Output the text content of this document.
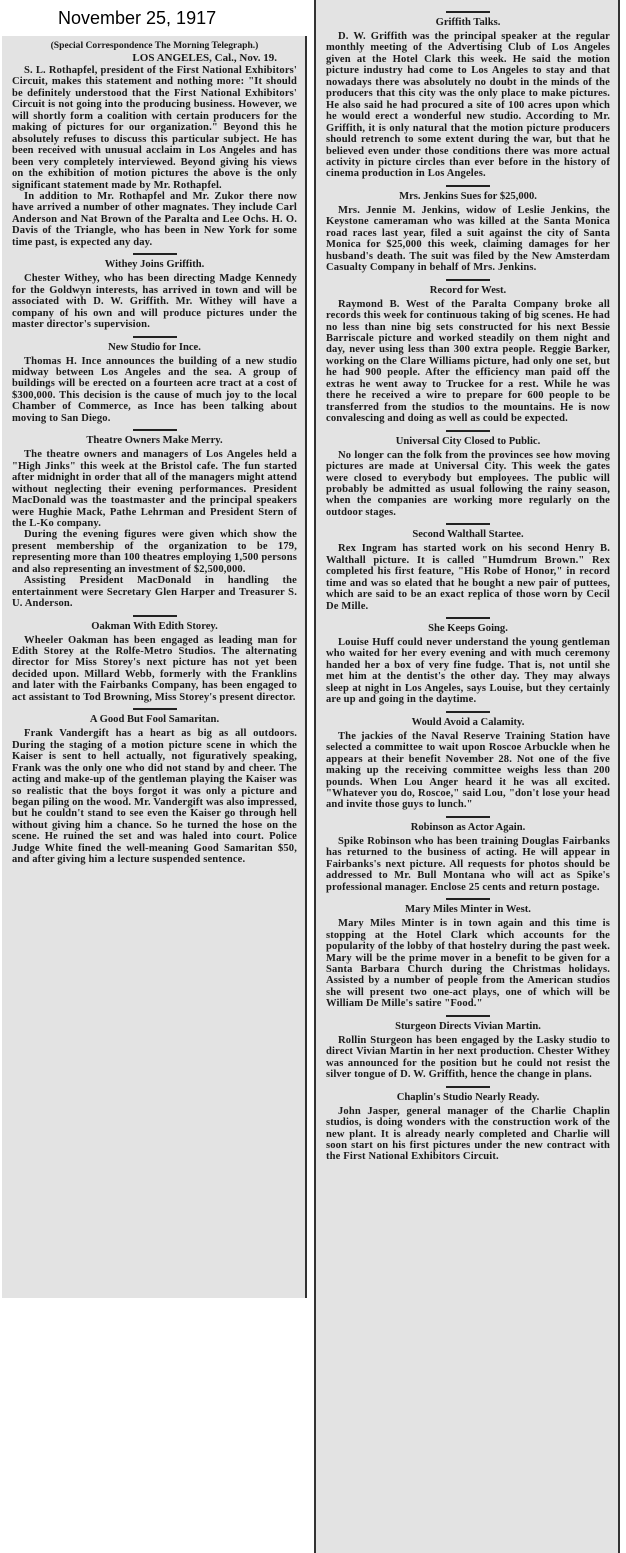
November 25, 1917
(Special Correspondence The Morning Telegraph.)
LOS ANGELES, Cal., Nov. 19.

S. L. Rothapfel, president of the First National Exhibitors' Circuit, makes this statement and nothing more: "It should be definitely understood that the First National Exhibitors' Circuit is not going into the producing business. However, we will shortly form a coalition with certain producers for the making of pictures for our organization." Beyond this he absolutely refuses to discuss this particular subject. He has been received with unusual acclaim in Los Angeles and has been very completely interviewed. Beyond giving his views on the exhibition of motion pictures the above is the only significant statement made by Mr. Rothapfel.

In addition to Mr. Rothapfel and Mr. Zukor there now have arrived a number of other magnates. They include Carl Anderson and Nat Brown of the Paralta and Lee Ochs. H. O. Davis of the Triangle, who has been in New York for some time past, is expected any day.

Withey Joins Griffith.

Chester Withey, who has been directing Madge Kennedy for the Goldwyn interests, has arrived in town and will be associated with D. W. Griffith. Mr. Withey will have a company of his own and will produce pictures under the master director's supervision.

New Studio for Ince.

Thomas H. Ince announces the building of a new studio midway between Los Angeles and the sea. A group of buildings will be erected on a fourteen acre tract at a cost of $300,000. This decision is the cause of much joy to the local Chamber of Commerce, as Ince has been talking about moving to San Diego.

Theatre Owners Make Merry.

The theatre owners and managers of Los Angeles held a "High Jinks" this week at the Bristol cafe. The fun started after midnight in order that all of the managers might attend without neglecting their evening performances. President MacDonald was the toastmaster and the principal speakers were Hughie Mack, Pathe Lehrman and President Stern of the L-Ko company.

During the evening figures were given which show the present membership of the organization to be 179, representing more than 100 theatres employing 1,500 persons and also representing an investment of $2,500,000.

Assisting President MacDonald in handling the entertainment were Secretary Glen Harper and Treasurer S. U. Anderson.

Oakman With Edith Storey.

Wheeler Oakman has been engaged as leading man for Edith Storey at the Rolfe-Metro Studios. The alternating director for Miss Storey's next picture has not yet been decided upon. Millard Webb, formerly with the Franklins and later with the Fairbanks Company, has been engaged to act assistant to Tod Browning, Miss Storey's present director.

A Good But Fool Samaritan.

Frank Vandergift has a heart as big as all outdoors. During the staging of a motion picture scene in which the Kaiser is sent to hell actually, not figuratively speaking, Frank was the only one who did not stand by and cheer. The acting and make-up of the gentleman playing the Kaiser was so realistic that the boys forgot it was only a picture and began piling on the wood. Mr. Vandergift was also impressed, but he couldn't stand to see even the Kaiser go through hell without giving him a chance. So he turned the hose on the scene. He ruined the set and was haled into court. Police Judge White fined the well-meaning Good Samaritan $50, and after giving him a lecture suspended sentence.

Griffith Talks.

D. W. Griffith was the principal speaker at the regular monthly meeting of the Advertising Club of Los Angeles given at the Hotel Clark this week. He said the motion picture industry had come to Los Angeles to stay and that nowadays there was absolutely no doubt in the minds of the producers that this city was the only place to make pictures. He also said he had procured a site of 100 acres upon which he would erect a wonderful new studio. According to Mr. Griffith, it is only natural that the motion picture producers should retrench to some extent during the war, but that he believed even under those conditions there was more actual activity in picture circles than ever before in the history of cinema production in Los Angeles.

Mrs. Jenkins Sues for $25,000.

Mrs. Jennie M. Jenkins, widow of Leslie Jenkins, the Keystone cameraman who was killed at the Santa Monica road races last year, filed a suit against the city of Santa Monica for $25,000 this week, claiming damages for her husband's death. The suit was filed by the New Amsterdam Casualty Company in behalf of Mrs. Jenkins.

Record for West.

Raymond B. West of the Paralta Company broke all records this week for continuous taking of big scenes. He had no less than nine big sets constructed for his next Bessie Barriscale picture and worked steadily on them night and day, never using less than 300 extra people. Reggie Barker, working on the Clare Williams picture, had only one set, but he had 900 people. After the efficiency man paid off the extras he went away to Truckee for a rest. While he was there he received a wire to prepare for 600 people to be transferred from the studios to the mountains. He is now convalescing and doing as well as could be expected.

Universal City Closed to Public.

No longer can the folk from the provinces see how moving pictures are made at Universal City. This week the gates were closed to everybody but employees. The public will probably be admitted as usual following the rainy season, when the companies are working more regularly on the outdoor stages.

Second Walthall Startee.

Rex Ingram has started work on his second Henry B. Walthall picture. It is called "Humdrum Brown." Rex completed his first feature, "His Robe of Honor," in record time and was so elated that he bought a new pair of puttees, which are said to be an exact replica of those worn by Cecil De Mille.

She Keeps Going.

Louise Huff could never understand the young gentleman who waited for her every evening and with much ceremony handed her a box of very fine fudge. That is, not until she met him at the dentist's the other day. They may always sleep at night in Los Angeles, says Louise, but they certainly are up and going in the daytime.

Would Avoid a Calamity.

The jackies of the Naval Reserve Training Station have selected a committee to wait upon Roscoe Arbuckle when he appears at their benefit November 28. Not one of the five making up the receiving committee weighs less than 200 pounds. When Lou Anger heard it he was all excited. "Whatever you do, Roscoe," said Lou, "don't lose your head and invite those guys to lunch."

Robinson as Actor Again.

Spike Robinson who has been training Douglas Fairbanks has returned to the business of acting. He will appear in Fairbanks's next picture. All requests for photos should be addressed to Mr. Bull Montana who will act as Spike's professional manager. Enclose 25 cents and return postage.

Mary Miles Minter in West.

Mary Miles Minter is in town again and this time is stopping at the Hotel Clark which accounts for the popularity of the lobby of that hostelry during the past week. Mary will be the prime mover in a benefit to be given for a Santa Barbara Church during the Christmas holidays. Assisted by a number of people from the American studios she will present two one-act plays, one of which will be William De Mille's satire "Food."

Sturgeon Directs Vivian Martin.

Rollin Sturgeon has been engaged by the Lasky studio to direct Vivian Martin in her next production. Chester Withey was announced for the position but he could not resist the silver tongue of D. W. Griffith, hence the change in plans.

Chaplin's Studio Nearly Ready.

John Jasper, general manager of the Charlie Chaplin studios, is doing wonders with the construction work of the new plant. It is already nearly completed and Charlie will soon start on his first pictures under the new contract with the First National Exhibitors Circuit.
